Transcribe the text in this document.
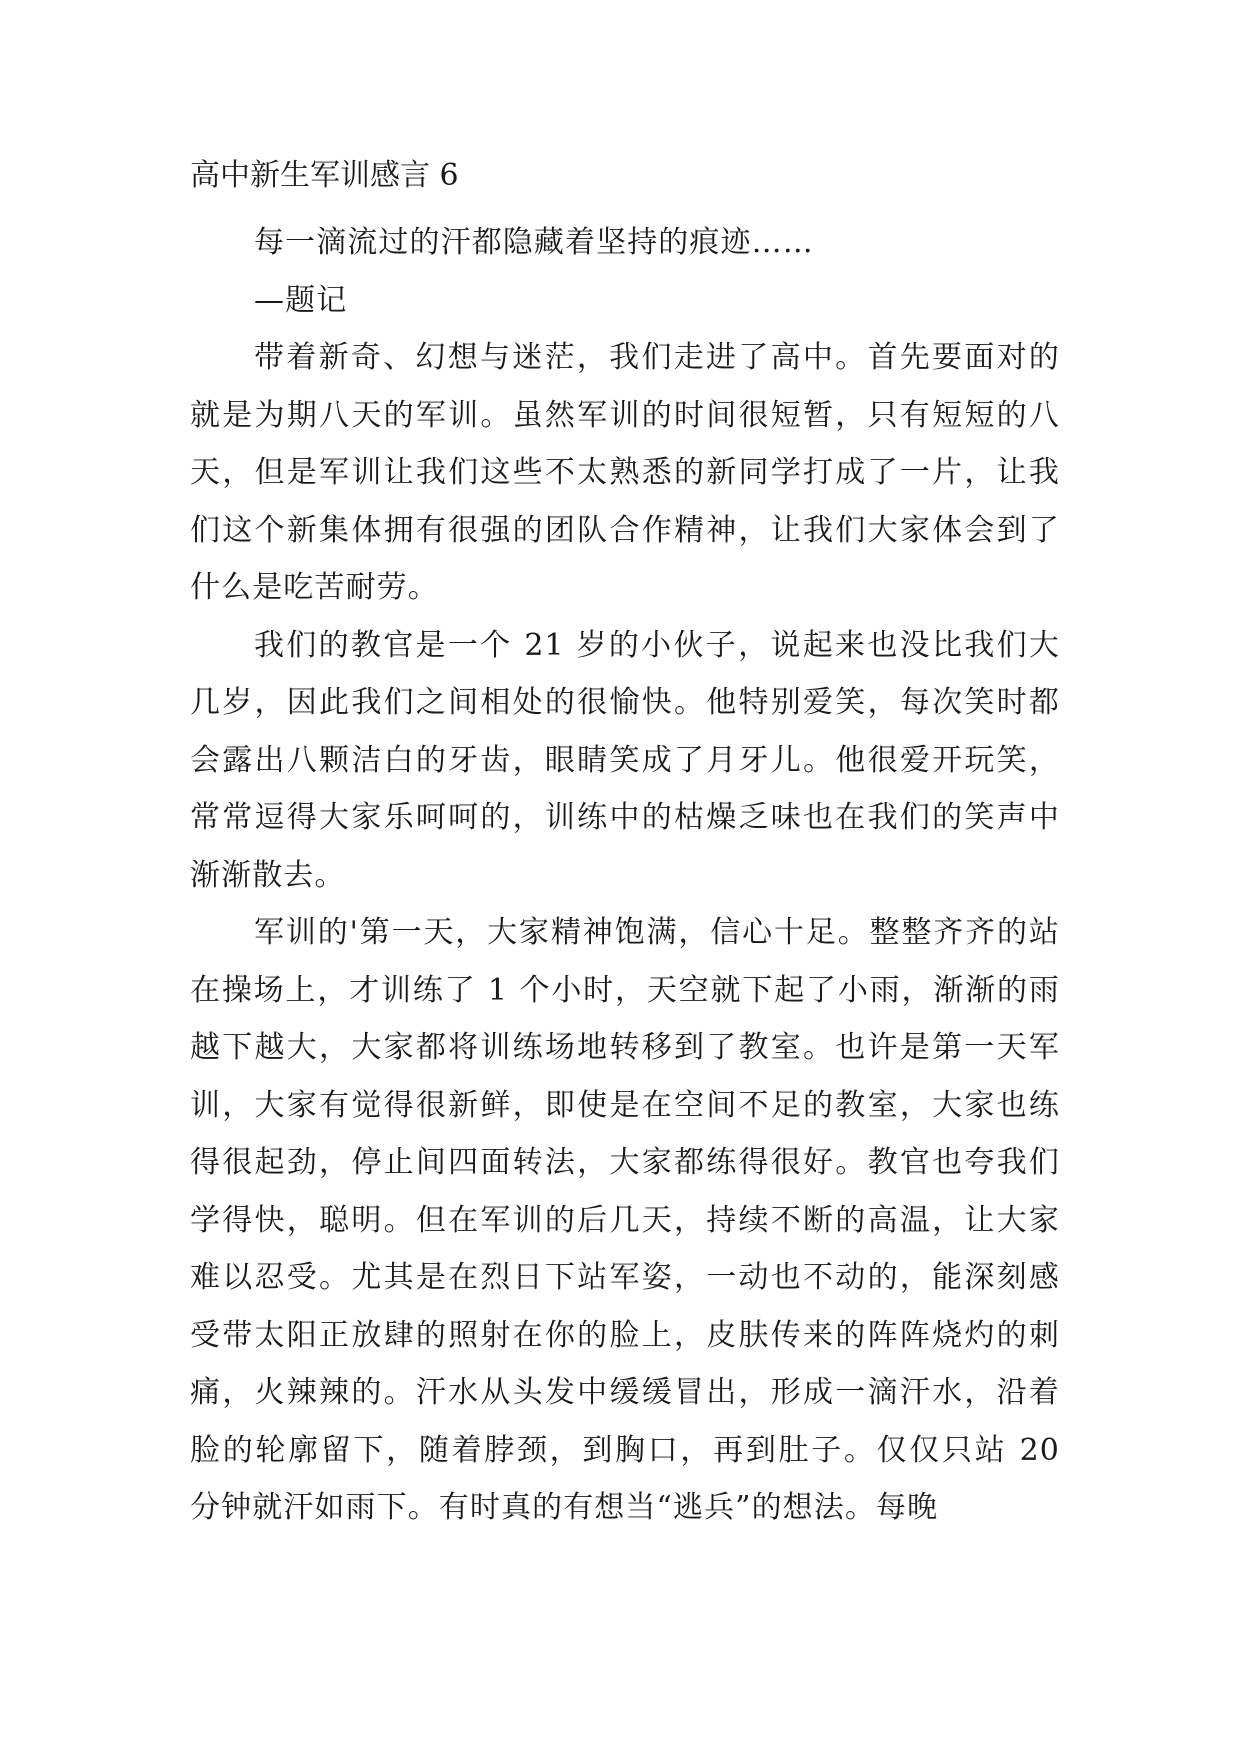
高中新生军训感言 6

每一滴流过的汗都隐藏着坚持的痕迹……

—题记

带着新奇、幻想与迷茫，我们走进了高中。首先要面对的就是为期八天的军训。虽然军训的时间很短暂，只有短短的八天，但是军训让我们这些不太熟悉的新同学打成了一片，让我们这个新集体拥有很强的团队合作精神，让我们大家体会到了什么是吃苦耐劳。

我们的教官是一个 21 岁的小伙子，说起来也没比我们大几岁，因此我们之间相处的很愉快。他特别爱笑，每次笑时都会露出八颗洁白的牙齿，眼睛笑成了月牙儿。他很爱开玩笑，常常逗得大家乐呵呵的，训练中的枯燥乏味也在我们的笑声中渐渐散去。

军训的'第一天，大家精神饱满，信心十足。整整齐齐的站在操场上，才训练了 1 个小时，天空就下起了小雨，渐渐的雨越下越大，大家都将训练场地转移到了教室。也许是第一天军训，大家有觉得很新鲜，即使是在空间不足的教室，大家也练得很起劲，停止间四面转法，大家都练得很好。教官也夸我们学得快，聪明。但在军训的后几天，持续不断的高温，让大家难以忍受。尤其是在烈日下站军姿，一动也不动的，能深刻感受带太阳正放肆的照射在你的脸上，皮肤传来的阵阵烧灼的刺痛，火辣辣的。汗水从头发中缓缓冒出，形成一滴汗水，沿着脸的轮廓留下，随着脖颈，到胸口，再到肚子。仅仅只站 20 分钟就汗如雨下。有时真的有想当“逃兵”的想法。每晚
